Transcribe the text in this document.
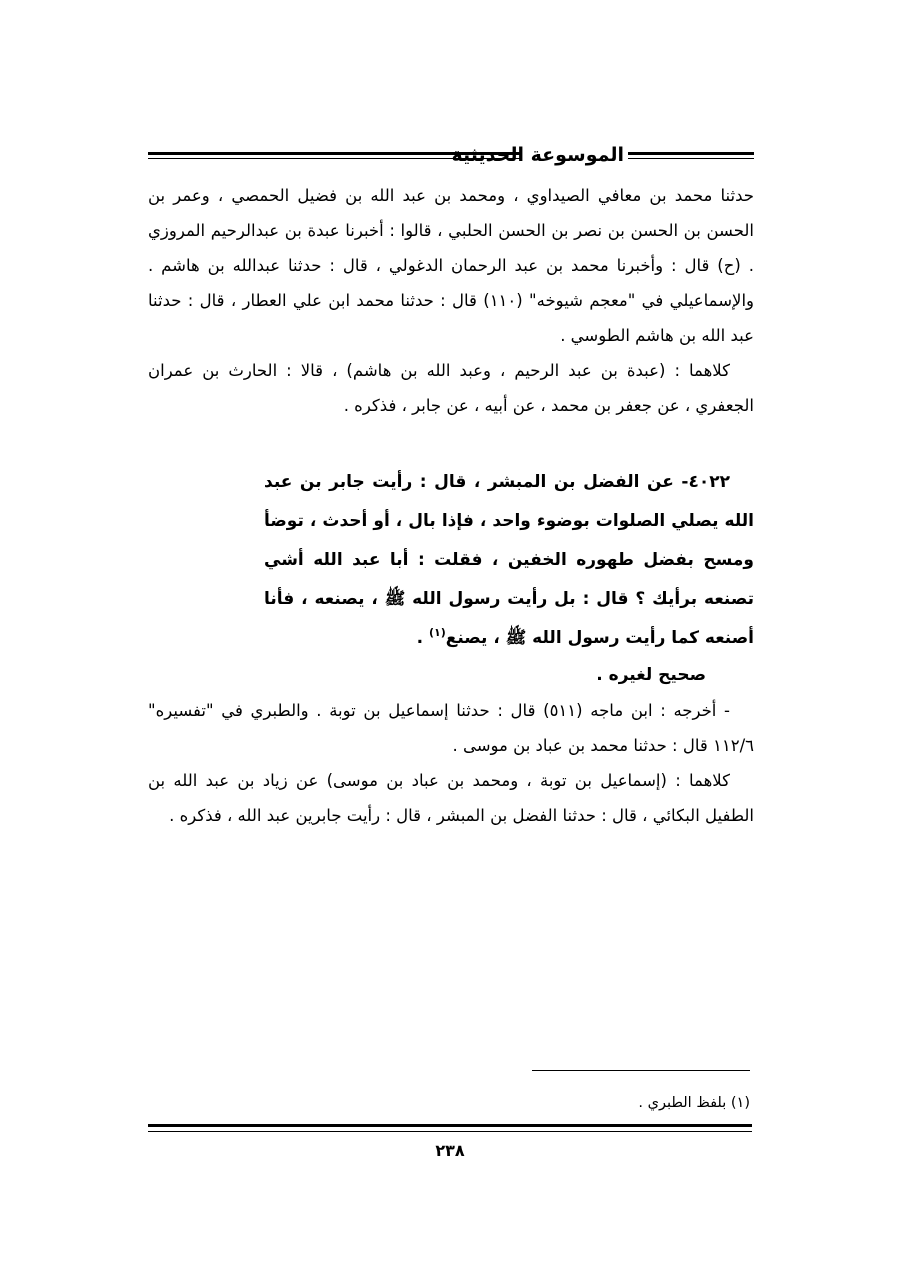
الموسوعة الحديثية

حدثنا محمد بن معافي الصيداوي ، ومحمد بن عبد الله بن فضيل الحمصي ، وعمر بن الحسن بن الحسن بن نصر بن الحسن الحلبي ، قالوا : أخبرنا عبدة بن عبدالرحيم المروزي . (ح) قال : وأخبرنا محمد بن عبد الرحمان الدغولي ، قال : حدثنا عبدالله بن هاشم . والإسماعيلي في "معجم شيوخه" (١١٠) قال : حدثنا محمد ابن علي العطار ، قال : حدثنا عبد الله بن هاشم الطوسي .

كلاهما : (عبدة بن عبد الرحيم ، وعبد الله بن هاشم) ، قالا : الحارث بن عمران الجعفري ، عن جعفر بن محمد ، عن أبيه ، عن جابر ، فذكره .

٤٠٢٢- عن الفضل بن المبشر ، قال : رأيت جابر بن عبد الله يصلي الصلوات بوضوء واحد ، فإذا بال ، أو أحدث ، توضأ ومسح بفضل طهوره الخفين ، فقلت : أبا عبد الله أشي تصنعه برأيك ؟ قال : بل رأيت رسول الله ﷺ ، يصنعه ، فأنا أصنعه كما رأيت رسول الله ﷺ ، يصنع$^{(١)}$ .

صحيح لغيره .

- أخرجه : ابن ماجه (٥١١) قال : حدثنا إسماعيل بن توبة . والطبري في "تفسيره" ١١٢/٦ قال : حدثنا محمد بن عباد بن موسى .

كلاهما : (إسماعيل بن توبة ، ومحمد بن عباد بن موسى) عن زياد بن عبد الله بن الطفيل البكائي ، قال : حدثنا الفضل بن المبشر ، قال : رأيت جابرين عبد الله ، فذكره .

(١) بلفظ الطبري .
٢٣٨
